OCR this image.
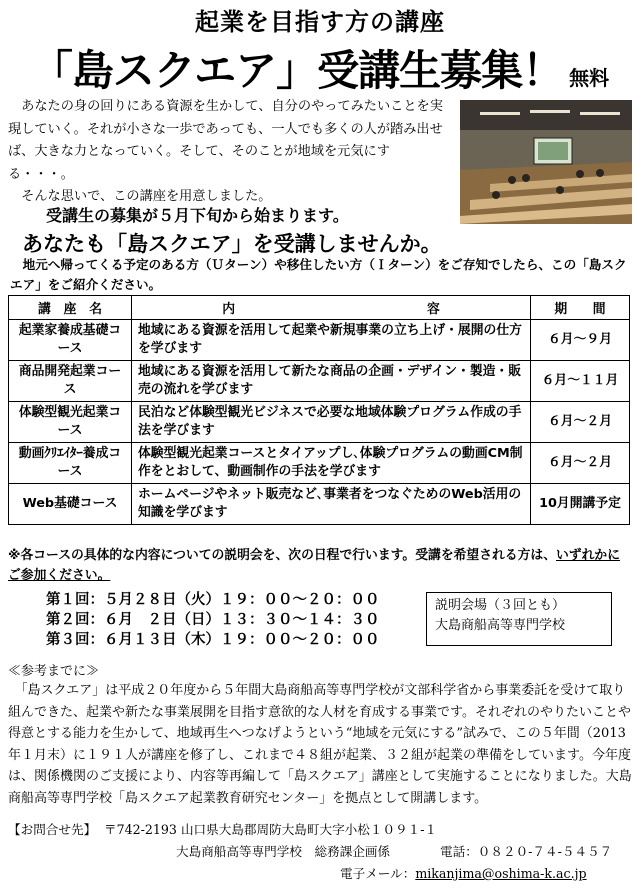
起業を目指す方の講座
「島スクエア」受講生募集！ 無料

　あなたの身の回りにある資源を生かして、自分のやってみたいことを実現していく。それが小さな一歩であっても、一人でも多くの人が踏み出せば、大きな力となっていく。そして、そのことが地域を元気にする・・・。

　そんな思いで、この講座を用意しました。

受講生の募集が５月下旬から始まります。
あなたも「島スクエア」を受講しませんか。
　地元へ帰ってくる予定のある方（Ｕターン）や移住したい方（Ｉターン）をご存知でしたら、この「島スクエア」をご紹介ください。
講　座　名	内　　　　　　　　　　　　　　　容	期　　間
起業家養成基礎コース	地域にある資源を活用して起業や新規事業の立ち上げ・展開の仕方を学びます	６月～９月
商品開発起業コース	地域にある資源を活用して新たな商品の企画・デザイン・製造・販売の流れを学びます	６月～１１月
体験型観光起業コース	民泊など体験型観光ビジネスで必要な地域体験プログラム作成の手法を学びます	６月～２月
動画ｸﾘｴｲﾀｰ養成コース	体験型観光起業コースとタイアップし､体験プログラムの動画CM制作をとおして、動画制作の手法を学びます	６月～２月
Web基礎コース	ホームページやネット販売など､事業者をつなぐためのWeb活用の知識を学びます	10月開講予定
※各コースの具体的な内容についての説明会を、次の日程で行います。受講を希望される方は、いずれかにご参加ください。
第１回：５月２８日（火）１９：００～２０：００
第２回：６月　２日（日）１３：３０～１４：３０
第３回：６月１３日（木）１９：００～２０：００
説明会場（３回とも）
大島商船高等専門学校
≪参考までに≫
　「島スクエア」は平成２０年度から５年間大島商船高等専門学校が文部科学省から事業委託を受けて取り組んできた、起業や新たな事業展開を目指す意欲的な人材を育成する事業です。それぞれのやりたいことや得意とする能力を生かして、地域再生へつなげようという“地域を元気にする”試みで、この５年間（2013年１月末）に１９１人が講座を修了し、これまで４８組が起業、３２組が起業の準備をしています。今年度は、関係機関のご支援により、内容等再編して「島スクエア」講座として実施することになりました。大島商船高等専門学校「島スクエア起業教育研究センター」を拠点として開講します。
【お問合せ先】 〒742-2193 山口県大島郡周防大島町大字小松１０９１-１
大島商船高等専門学校　総務課企画係	電話：０８２０-７４-５４５７
電子メール：mikanjima@oshima-k.ac.jp
